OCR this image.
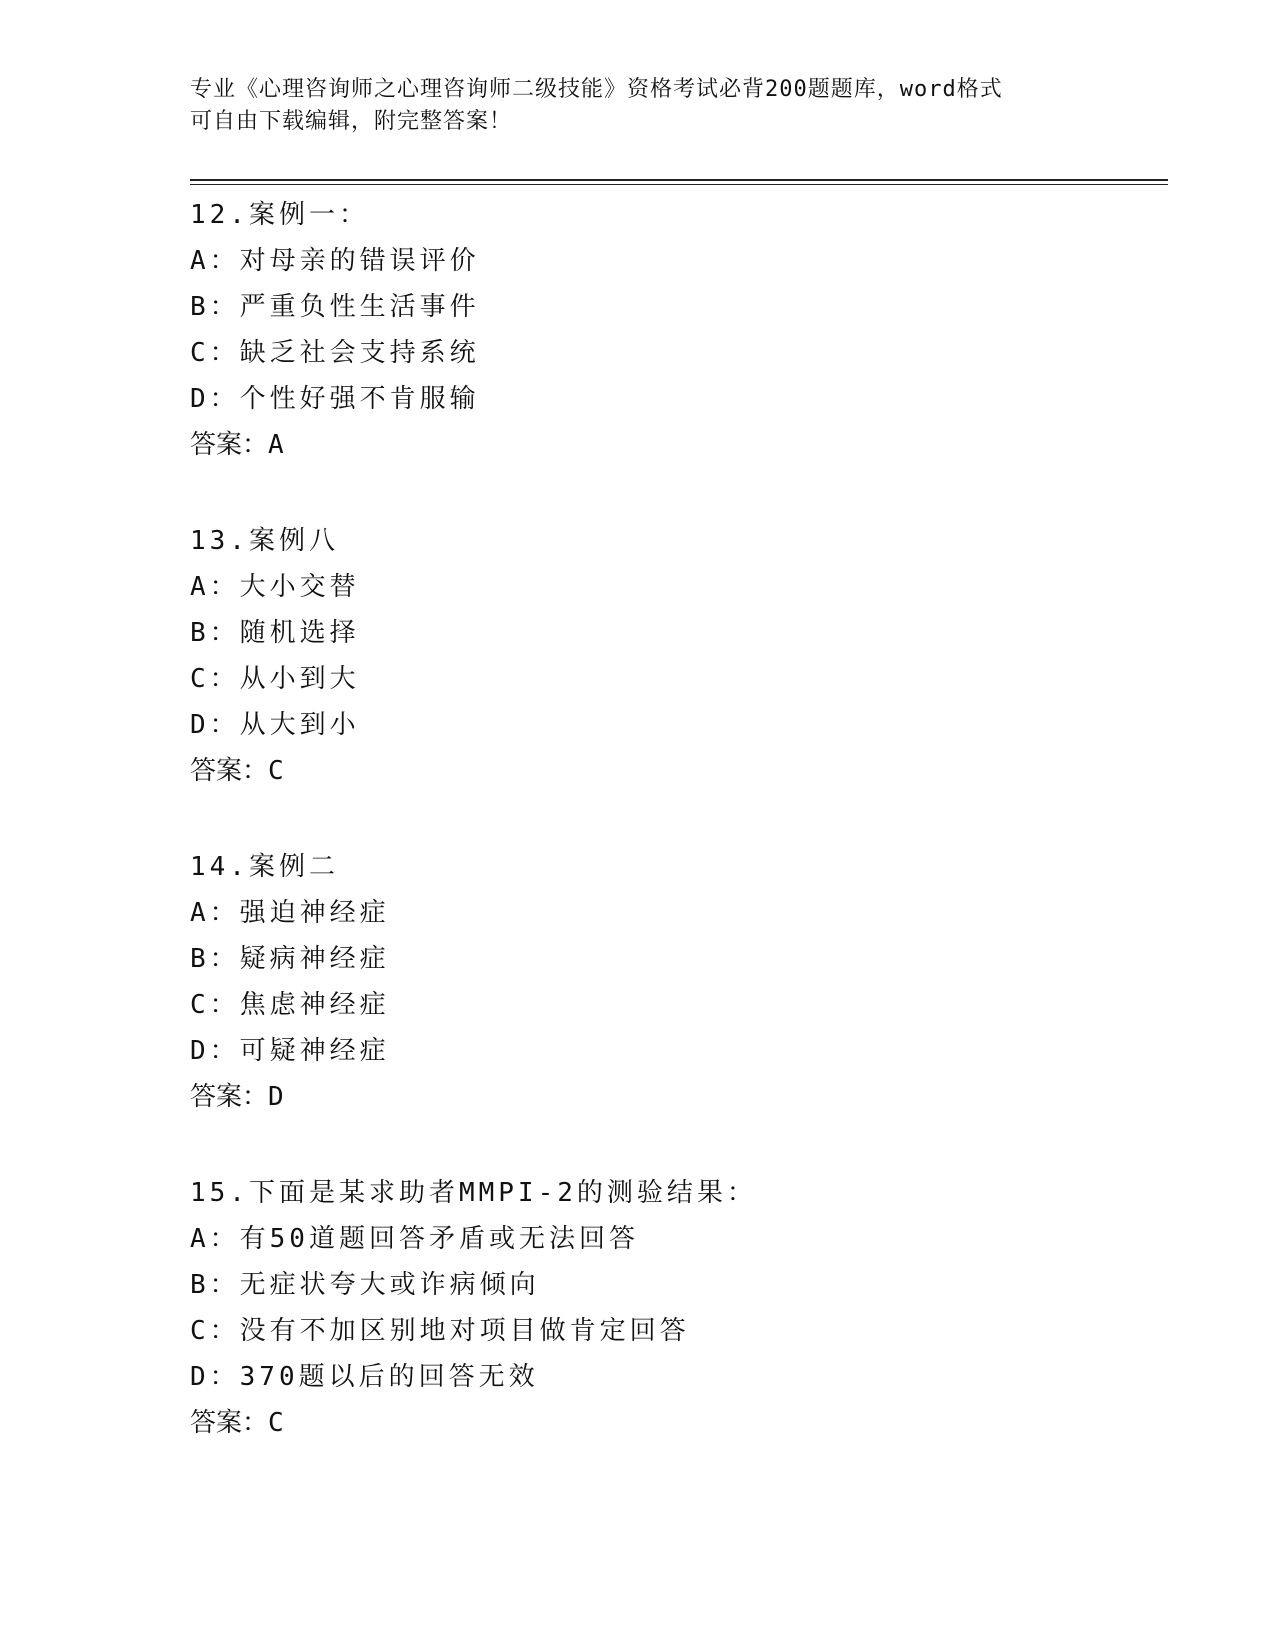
专业《心理咨询师之心理咨询师二级技能》资格考试必背200题题库，word格式
可自由下载编辑，附完整答案！
12.案例一：
A：对母亲的错误评价
B：严重负性生活事件
C：缺乏社会支持系统
D：个性好强不肯服输
答案：A
13.案例八
A：大小交替
B：随机选择
C：从小到大
D：从大到小
答案：C
14.案例二
A：强迫神经症
B：疑病神经症
C：焦虑神经症
D：可疑神经症
答案：D
15.下面是某求助者MMPI-2的测验结果：
A：有50道题回答矛盾或无法回答
B：无症状夸大或诈病倾向
C：没有不加区别地对项目做肯定回答
D：370题以后的回答无效
答案：C
